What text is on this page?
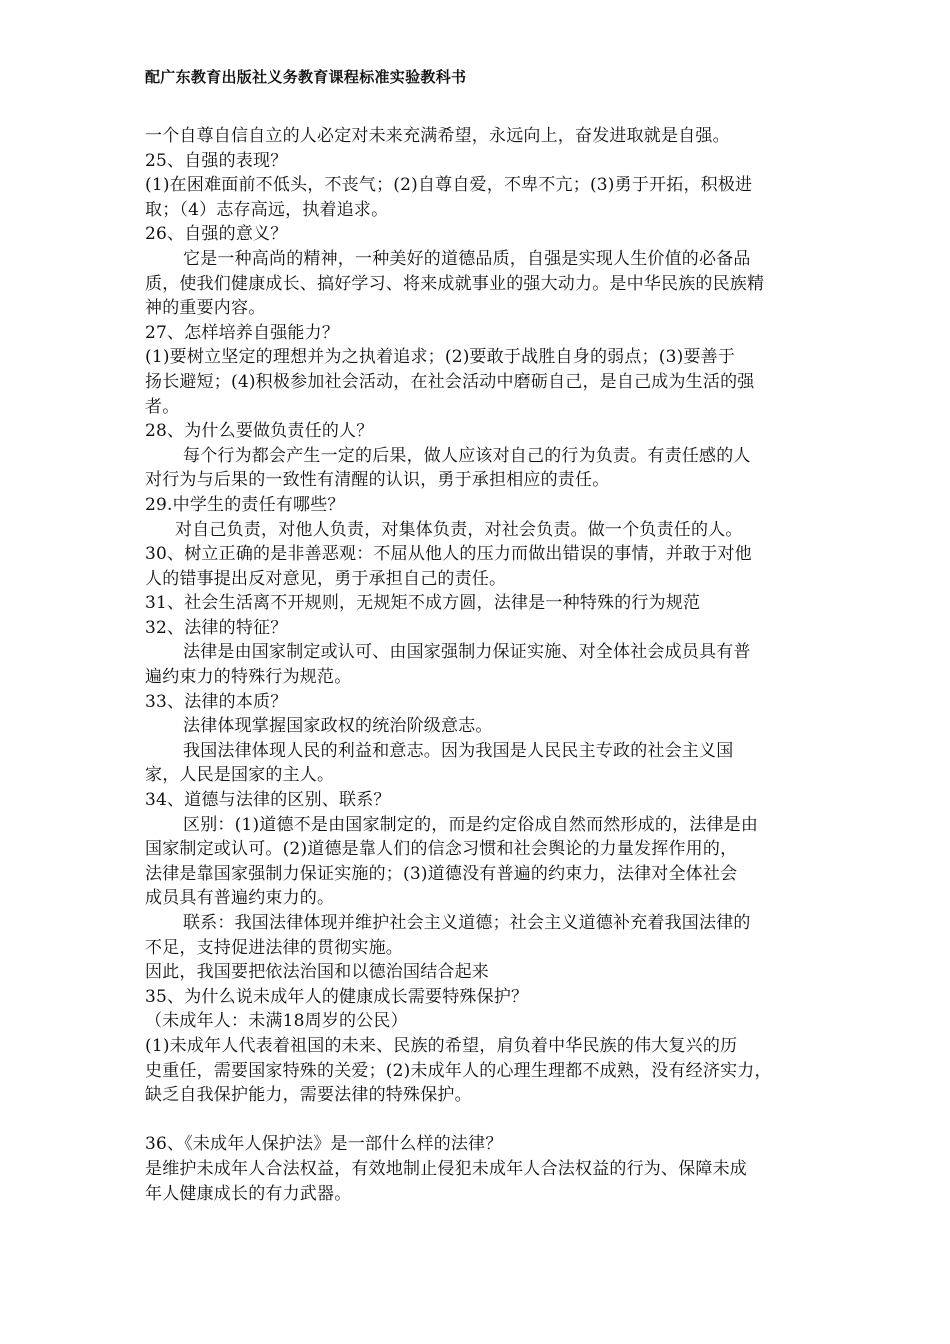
配广东教育出版社义务教育课程标准实验教科书
一个自尊自信自立的人必定对未来充满希望，永远向上，奋发进取就是自强。
25、自强的表现？
(1)在困难面前不低头，不丧气；(2)自尊自爱，不卑不亢；(3)勇于开拓，积极进
取；（4）志存高远，执着追求。
26、自强的意义？
它是一种高尚的精神，一种美好的道德品质，自强是实现人生价值的必备品
质，使我们健康成长、搞好学习、将来成就事业的强大动力。是中华民族的民族精
神的重要内容。
27、怎样培养自强能力？
(1)要树立坚定的理想并为之执着追求；(2)要敢于战胜自身的弱点；(3)要善于
扬长避短；(4)积极参加社会活动，在社会活动中磨砺自己，是自己成为生活的强
者。
28、为什么要做负责任的人？
每个行为都会产生一定的后果，做人应该对自己的行为负责。有责任感的人
对行为与后果的一致性有清醒的认识，勇于承担相应的责任。
29.中学生的责任有哪些？
对自己负责，对他人负责，对集体负责，对社会负责。做一个负责任的人。
30、树立正确的是非善恶观：不屈从他人的压力而做出错误的事情，并敢于对他
人的错事提出反对意见，勇于承担自己的责任。
31、社会生活离不开规则，无规矩不成方圆，法律是一种特殊的行为规范
32、法律的特征？
法律是由国家制定或认可、由国家强制力保证实施、对全体社会成员具有普
遍约束力的特殊行为规范。
33、法律的本质？
法律体现掌握国家政权的统治阶级意志。
我国法律体现人民的利益和意志。因为我国是人民民主专政的社会主义国
家，人民是国家的主人。
34、道德与法律的区别、联系？
区别：(1)道德不是由国家制定的，而是约定俗成自然而然形成的，法律是由
国家制定或认可。(2)道德是靠人们的信念习惯和社会舆论的力量发挥作用的，
法律是靠国家强制力保证实施的；(3)道德没有普遍的约束力，法律对全体社会
成员具有普遍约束力的。
联系：我国法律体现并维护社会主义道德；社会主义道德补充着我国法律的
不足，支持促进法律的贯彻实施。
因此，我国要把依法治国和以德治国结合起来
35、为什么说未成年人的健康成长需要特殊保护？
（未成年人：未满18周岁的公民）
(1)未成年人代表着祖国的未来、民族的希望，肩负着中华民族的伟大复兴的历
史重任，需要国家特殊的关爱；(2)未成年人的心理生理都不成熟，没有经济实力，
缺乏自我保护能力，需要法律的特殊保护。
36、《未成年人保护法》是一部什么样的法律？
是维护未成年人合法权益，有效地制止侵犯未成年人合法权益的行为、保障未成
年人健康成长的有力武器。
